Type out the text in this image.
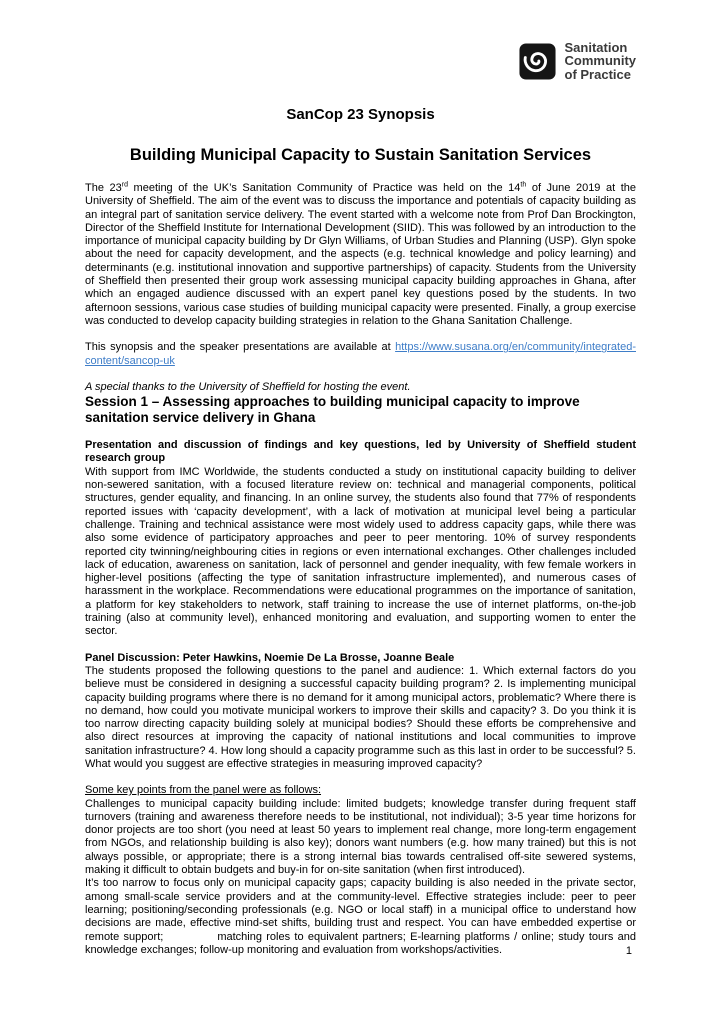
Sanitation
Community
of Practice
SanCop 23 Synopsis
Building Municipal Capacity to Sustain Sanitation Services

The 23rd meeting of the UK’s Sanitation Community of Practice was held on the 14th of June 2019 at the University of Sheffield. The aim of the event was to discuss the importance and potentials of capacity building as an integral part of sanitation service delivery. The event started with a welcome note from Prof Dan Brockington, Director of the Sheffield Institute for International Development (SIID). This was followed by an introduction to the importance of municipal capacity building by Dr Glyn Williams, of Urban Studies and Planning (USP). Glyn spoke about the need for capacity development, and the aspects (e.g. technical knowledge and policy learning) and determinants (e.g. institutional innovation and supportive partnerships) of capacity. Students from the University of Sheffield then presented their group work assessing municipal capacity building approaches in Ghana, after which an engaged audience discussed with an expert panel key questions posed by the students. In two afternoon sessions, various case studies of building municipal capacity were presented. Finally, a group exercise was conducted to develop capacity building strategies in relation to the Ghana Sanitation Challenge.

This synopsis and the speaker presentations are available at https://www.susana.org/en/community/integrated-content/sancop-uk

A special thanks to the University of Sheffield for hosting the event.

Session 1 – Assessing approaches to building municipal capacity to improve sanitation service delivery in Ghana

Presentation and discussion of findings and key questions, led by University of Sheffield student research group

With support from IMC Worldwide, the students conducted a study on institutional capacity building to deliver non-sewered sanitation, with a focused literature review on: technical and managerial components, political structures, gender equality, and financing. In an online survey, the students also found that 77% of respondents reported issues with ‘capacity development’, with a lack of motivation at municipal level being a particular challenge. Training and technical assistance were most widely used to address capacity gaps, while there was also some evidence of participatory approaches and peer to peer mentoring. 10% of survey respondents reported city twinning/neighbouring cities in regions or even international exchanges. Other challenges included lack of education, awareness on sanitation, lack of personnel and gender inequality, with few female workers in higher-level positions (affecting the type of sanitation infrastructure implemented), and numerous cases of harassment in the workplace. Recommendations were educational programmes on the importance of sanitation, a platform for key stakeholders to network, staff training to increase the use of internet platforms, on-the-job training (also at community level), enhanced monitoring and evaluation, and supporting women to enter the sector.

Panel Discussion: Peter Hawkins, Noemie De La Brosse, Joanne Beale

The students proposed the following questions to the panel and audience: 1. Which external factors do you believe must be considered in designing a successful capacity building program? 2. Is implementing municipal capacity building programs where there is no demand for it among municipal actors, problematic? Where there is no demand, how could you motivate municipal workers to improve their skills and capacity? 3. Do you think it is too narrow directing capacity building solely at municipal bodies? Should these efforts be comprehensive and also direct resources at improving the capacity of national institutions and local communities to improve sanitation infrastructure? 4. How long should a capacity programme such as this last in order to be successful? 5. What would you suggest are effective strategies in measuring improved capacity?

Some key points from the panel were as follows:

Challenges to municipal capacity building include: limited budgets; knowledge transfer during frequent staff turnovers (training and awareness therefore needs to be institutional, not individual); 3-5 year time horizons for donor projects are too short (you need at least 50 years to implement real change, more long-term engagement from NGOs, and relationship building is also key); donors want numbers (e.g. how many trained) but this is not always possible, or appropriate; there is a strong internal bias towards centralised off-site sewered systems, making it difficult to obtain budgets and buy-in for on-site sanitation (when first introduced).

It’s too narrow to focus only on municipal capacity gaps; capacity building is also needed in the private sector, among small-scale service providers and at the community-level. Effective strategies include: peer to peer learning; positioning/seconding professionals (e.g. NGO or local staff) in a municipal office to understand how decisions are made, effective mind-set shifts, building trust and respect. You can have embedded expertise or remote support;	matching roles to equivalent partners; E-learning platforms / online; study tours and knowledge exchanges; follow-up monitoring and evaluation from workshops/activities.	1
